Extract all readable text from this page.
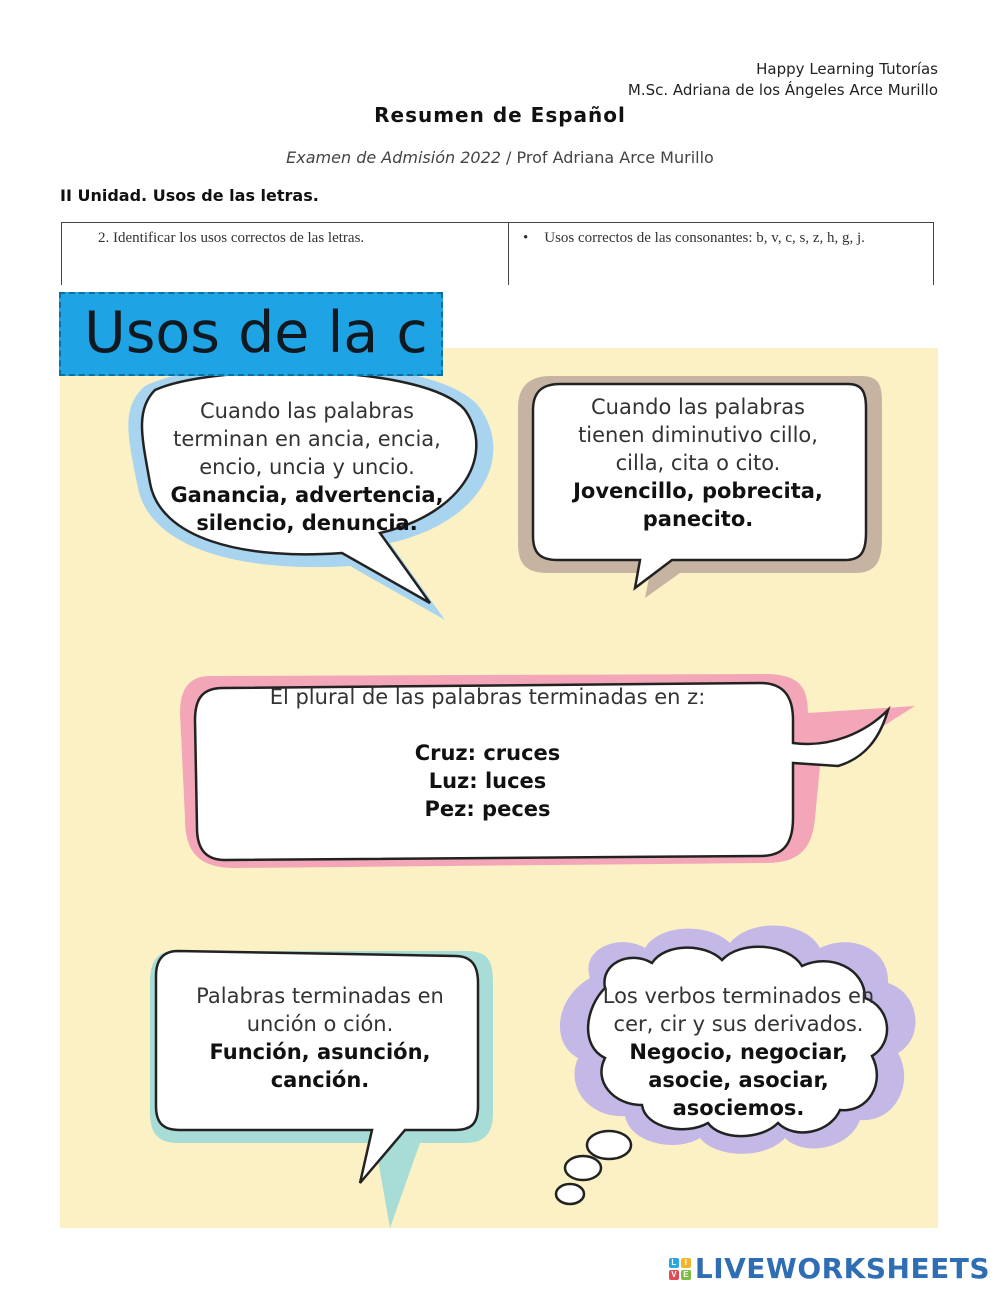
Happy Learning Tutorías
M.Sc. Adriana de los Ángeles Arce Murillo
Resumen de Español
Examen de Admisión 2022 / Prof Adriana Arce Murillo
II Unidad. Usos de las letras.
2. Identificar los usos correctos de las letras.	• Usos correctos de las consonantes: b, v, c, s, z, h, g, j.
Usos de la c
Cuando las palabras
terminan en ancia, encia,
encio, uncia y uncio.
Ganancia, advertencia,
silencio, denuncia.
Cuando las palabras
tienen diminutivo cillo,
cilla, cita o cito.
Jovencillo, pobrecita,
panecito.
El plural de las palabras terminadas en z:
Cruz: cruces
Luz: luces
Pez: peces
Palabras terminadas en
unción o ción.
Función, asunción,
canción.
Los verbos terminados en
cer, cir y sus derivados.
Negocio, negociar,
asocie, asociar,
asociemos.
L	I
V E LIVEWORKSHEETS
